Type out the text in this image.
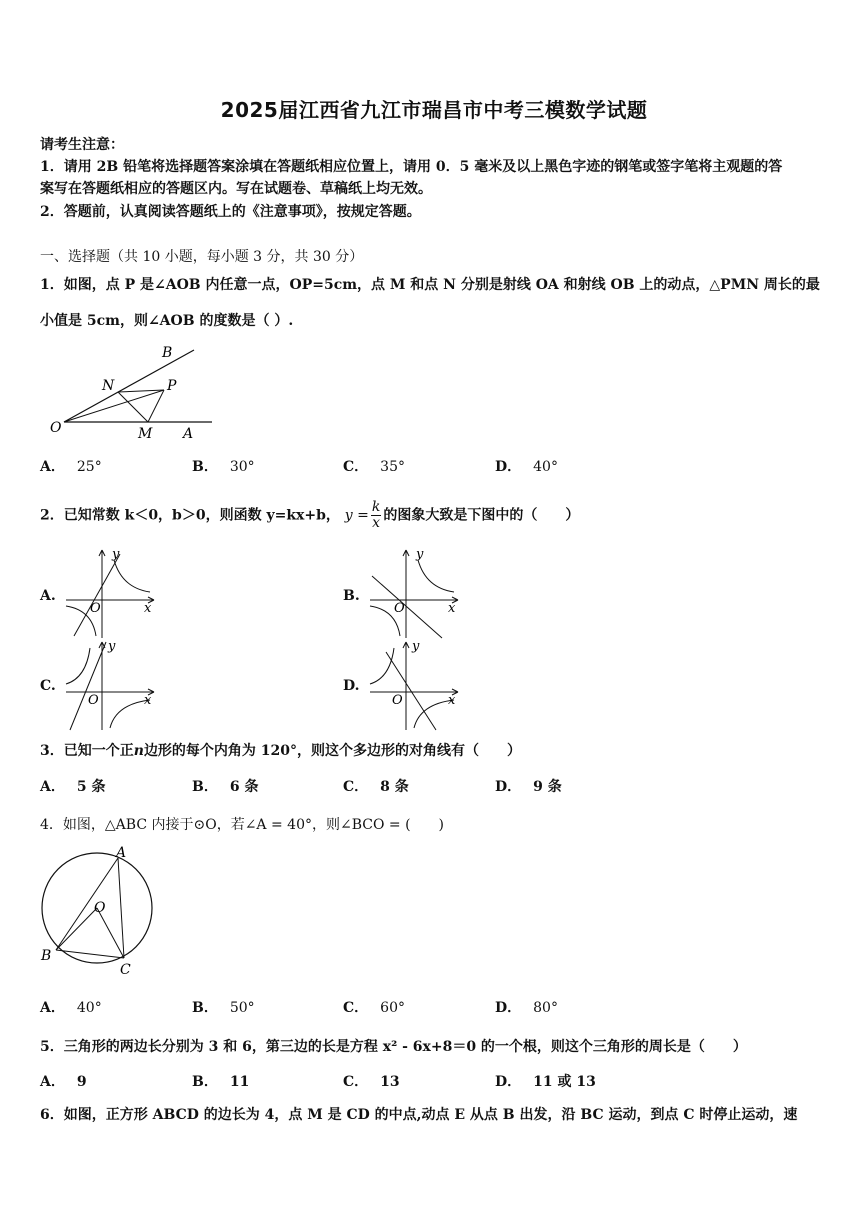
2025届江西省九江市瑞昌市中考三模数学试题
请考生注意：
1．请用 2B 铅笔将选择题答案涂填在答题纸相应位置上，请用 0．5 毫米及以上黑色字迹的钢笔或签字笔将主观题的答
案写在答题纸相应的答题区内。写在试题卷、草稿纸上均无效。
2．答题前，认真阅读答题纸上的《注意事项》，按规定答题。
一、选择题（共 10 小题，每小题 3 分，共 30 分）
1．如图，点 P 是∠AOB 内任意一点，OP=5cm，点 M 和点 N 分别是射线 OA 和射线 OB 上的动点，△PMN 周长的最
小值是 5cm，则∠AOB 的度数是（ ）.
B
N	P
O	M A
A． 25°	B． 30°	C． 35°	D． 40°
2．已知常数 k＜0，b＞0，则函数 y=kx+b， $y = \frac{k}{x}$ 的图象大致是下图中的（　　）
A.
y
x
O
B.
y
x
O
C.
y
x
O
D.
y
x
O
3．已知一个正n边形的每个内角为 120°，则这个多边形的对角线有（　　）
A． 5 条	B． 6 条	C． 8 条	D． 9 条
4．如图，△ABC 内接于⊙O，若∠A = 40°，则∠BCO = (　　)
A
O
B
C
A． 40°	B． 50°	C． 60°	D． 80°
5．三角形的两边长分别为 3 和 6，第三边的长是方程 x² - 6x+8＝0 的一个根，则这个三角形的周长是（　　）
A． 9	B． 11	C． 13	D． 11 或 13
6．如图，正方形 ABCD 的边长为 4，点 M 是 CD 的中点,动点 E 从点 B 出发，沿 BC 运动，到点 C 时停止运动，速
